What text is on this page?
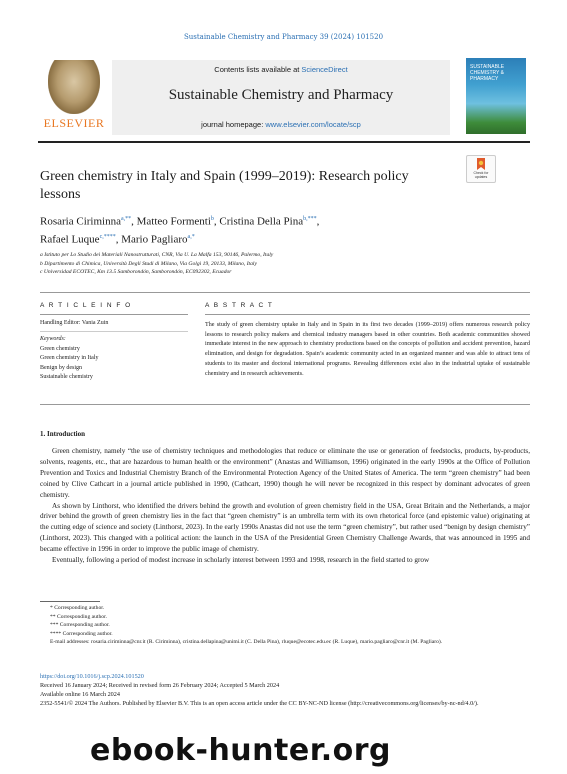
Sustainable Chemistry and Pharmacy 39 (2024) 101520
ELSEVIER
Contents lists available at ScienceDirect
Sustainable Chemistry and Pharmacy
journal homepage: www.elsevier.com/locate/scp
SUSTAINABLE CHEMISTRY & PHARMACY
Check for updates
Green chemistry in Italy and Spain (1999–2019): Research policy lessons
Rosaria Ciriminna$^{a,**}$, Matteo Formenti$^b$, Cristina Della Pina$^{b,***}$,
Rafael Luque$^{c,****}$, Mario Pagliaro$^{a,*}$
a Istituto per Lo Studio dei Materiali Nanostrutturati, CNR, Via U. La Malfa 153, 90146, Palermo, Italy
b Dipartimento di Chimica, Università Degli Studi di Milano, Via Golgi 19, 20133, Milano, Italy
c Universidad ECOTEC, Km 13.5 Samborondón, Samborondón, EC092302, Ecuador
A R T I C L E I N F O	A B S T R A C T
Handling Editor: Vania Zuin
Keywords:
Green chemistry
Green chemistry in Italy
Benign by design
Sustainable chemistry
The study of green chemistry uptake in Italy and in Spain in its first two decades (1999–2019) offers numerous research policy lessons to research policy makers and chemical industry managers based in other countries. Both academic communities showed immediate interest in the new approach to chemistry productions based on the concepts of pollution and accident prevention, hazard elimination, and design for degradation. Spain’s academic community acted in an organized manner and was able to attract tens of students to its master and doctoral international programs. Revealing differences exist also in the industrial uptake of sustainable chemistry and in research achievements.
1. Introduction

Green chemistry, namely “the use of chemistry techniques and methodologies that reduce or eliminate the use or generation of feedstocks, products, by-products, solvents, reagents, etc., that are hazardous to human health or the environment” (Anastas and Williamson, 1996) originated in the early 1990s at the Office of Pollution Prevention and Toxics and Industrial Chemistry Branch of the Environmental Protection Agency of the United States of America. The term “green chemistry” had been coined by Clive Cathcart in a journal article published in 1990, (Cathcart, 1990) though he will never be recognized in this respect by dominant advocates of green chemistry.

As shown by Linthorst, who identified the drivers behind the growth and evolution of green chemistry field in the USA, Great Britain and the Netherlands, a major driver behind the growth of green chemistry lies in the fact that “green chemistry” is an umbrella term with its own rhetorical force (and epistemic value) originating at the cutting edge of science and society (Linthorst, 2023). In the early 1990s Anastas did not use the term “green chemistry”, but rather used “benign by design chemistry” (Linthorst, 2023). This changed with a political action: the launch in the USA of the Presidential Green Chemistry Challenge Awards, that was announced in 1995 and became effective in 1996 in order to improve the public image of chemistry.

Eventually, following a period of modest increase in scholarly interest between 1993 and 1998, research in the field started to grow

* Corresponding author.
** Corresponding author.
*** Corresponding author.
**** Corresponding author.
E-mail addresses: rosaria.ciriminna@cnr.it (R. Ciriminna), cristina.dellapina@unimi.it (C. Della Pina), rluque@ecotec.edu.ec (R. Luque), mario.pagliaro@cnr.it (M. Pagliaro).
https://doi.org/10.1016/j.scp.2024.101520
Received 16 January 2024; Received in revised form 26 February 2024; Accepted 5 March 2024
Available online 16 March 2024
2352-5541/© 2024 The Authors. Published by Elsevier B.V. This is an open access article under the CC BY-NC-ND license (http://creativecommons.org/licenses/by-nc-nd/4.0/).
ebook-hunter.org
